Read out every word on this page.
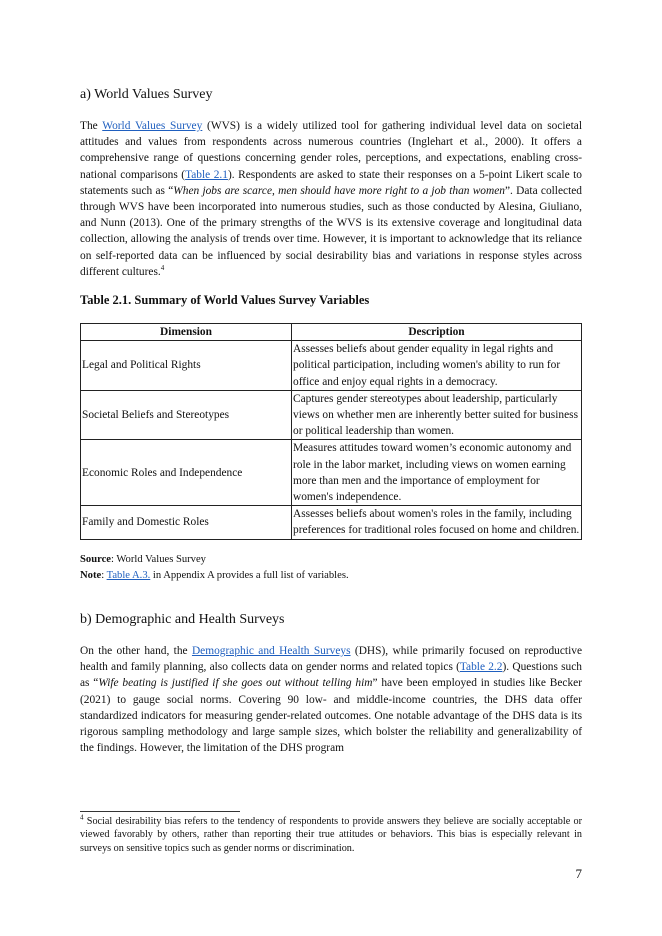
a) World Values Survey

The World Values Survey (WVS) is a widely utilized tool for gathering individual level data on societal attitudes and values from respondents across numerous countries (Inglehart et al., 2000). It offers a comprehensive range of questions concerning gender roles, perceptions, and expectations, enabling cross-national comparisons (Table 2.1). Respondents are asked to state their responses on a 5-point Likert scale to statements such as “When jobs are scarce, men should have more right to a job than women”. Data collected through WVS have been incorporated into numerous studies, such as those conducted by Alesina, Giuliano, and Nunn (2013). One of the primary strengths of the WVS is its extensive coverage and longitudinal data collection, allowing the analysis of trends over time. However, it is important to acknowledge that its reliance on self-reported data can be influenced by social desirability bias and variations in response styles across different cultures.$^4$

Table 2.1. Summary of World Values Survey Variables
Dimension	Description
Legal and Political Rights	Assesses beliefs about gender equality in legal rights and political participation, including women's ability to run for office and enjoy equal rights in a democracy.
Societal Beliefs and Stereotypes	Captures gender stereotypes about leadership, particularly views on whether men are inherently better suited for business or political leadership than women.
Economic Roles and Independence	Measures attitudes toward women’s economic autonomy and role in the labor market, including views on women earning more than men and the importance of employment for women's independence.
Family and Domestic Roles	Assesses beliefs about women's roles in the family, including preferences for traditional roles focused on home and children.
Source: World Values Survey
Note: Table A.3. in Appendix A provides a full list of variables.
b) Demographic and Health Surveys

On the other hand, the Demographic and Health Surveys (DHS), while primarily focused on reproductive health and family planning, also collects data on gender norms and related topics (Table 2.2). Questions such as “Wife beating is justified if she goes out without telling him” have been employed in studies like Becker (2021) to gauge social norms. Covering 90 low- and middle-income countries, the DHS data offer standardized indicators for measuring gender-related outcomes. One notable advantage of the DHS data is its rigorous sampling methodology and large sample sizes, which bolster the reliability and generalizability of the findings. However, the limitation of the DHS program

$^4$ Social desirability bias refers to the tendency of respondents to provide answers they believe are socially acceptable or viewed favorably by others, rather than reporting their true attitudes or behaviors. This bias is especially relevant in surveys on sensitive topics such as gender norms or discrimination.

7
